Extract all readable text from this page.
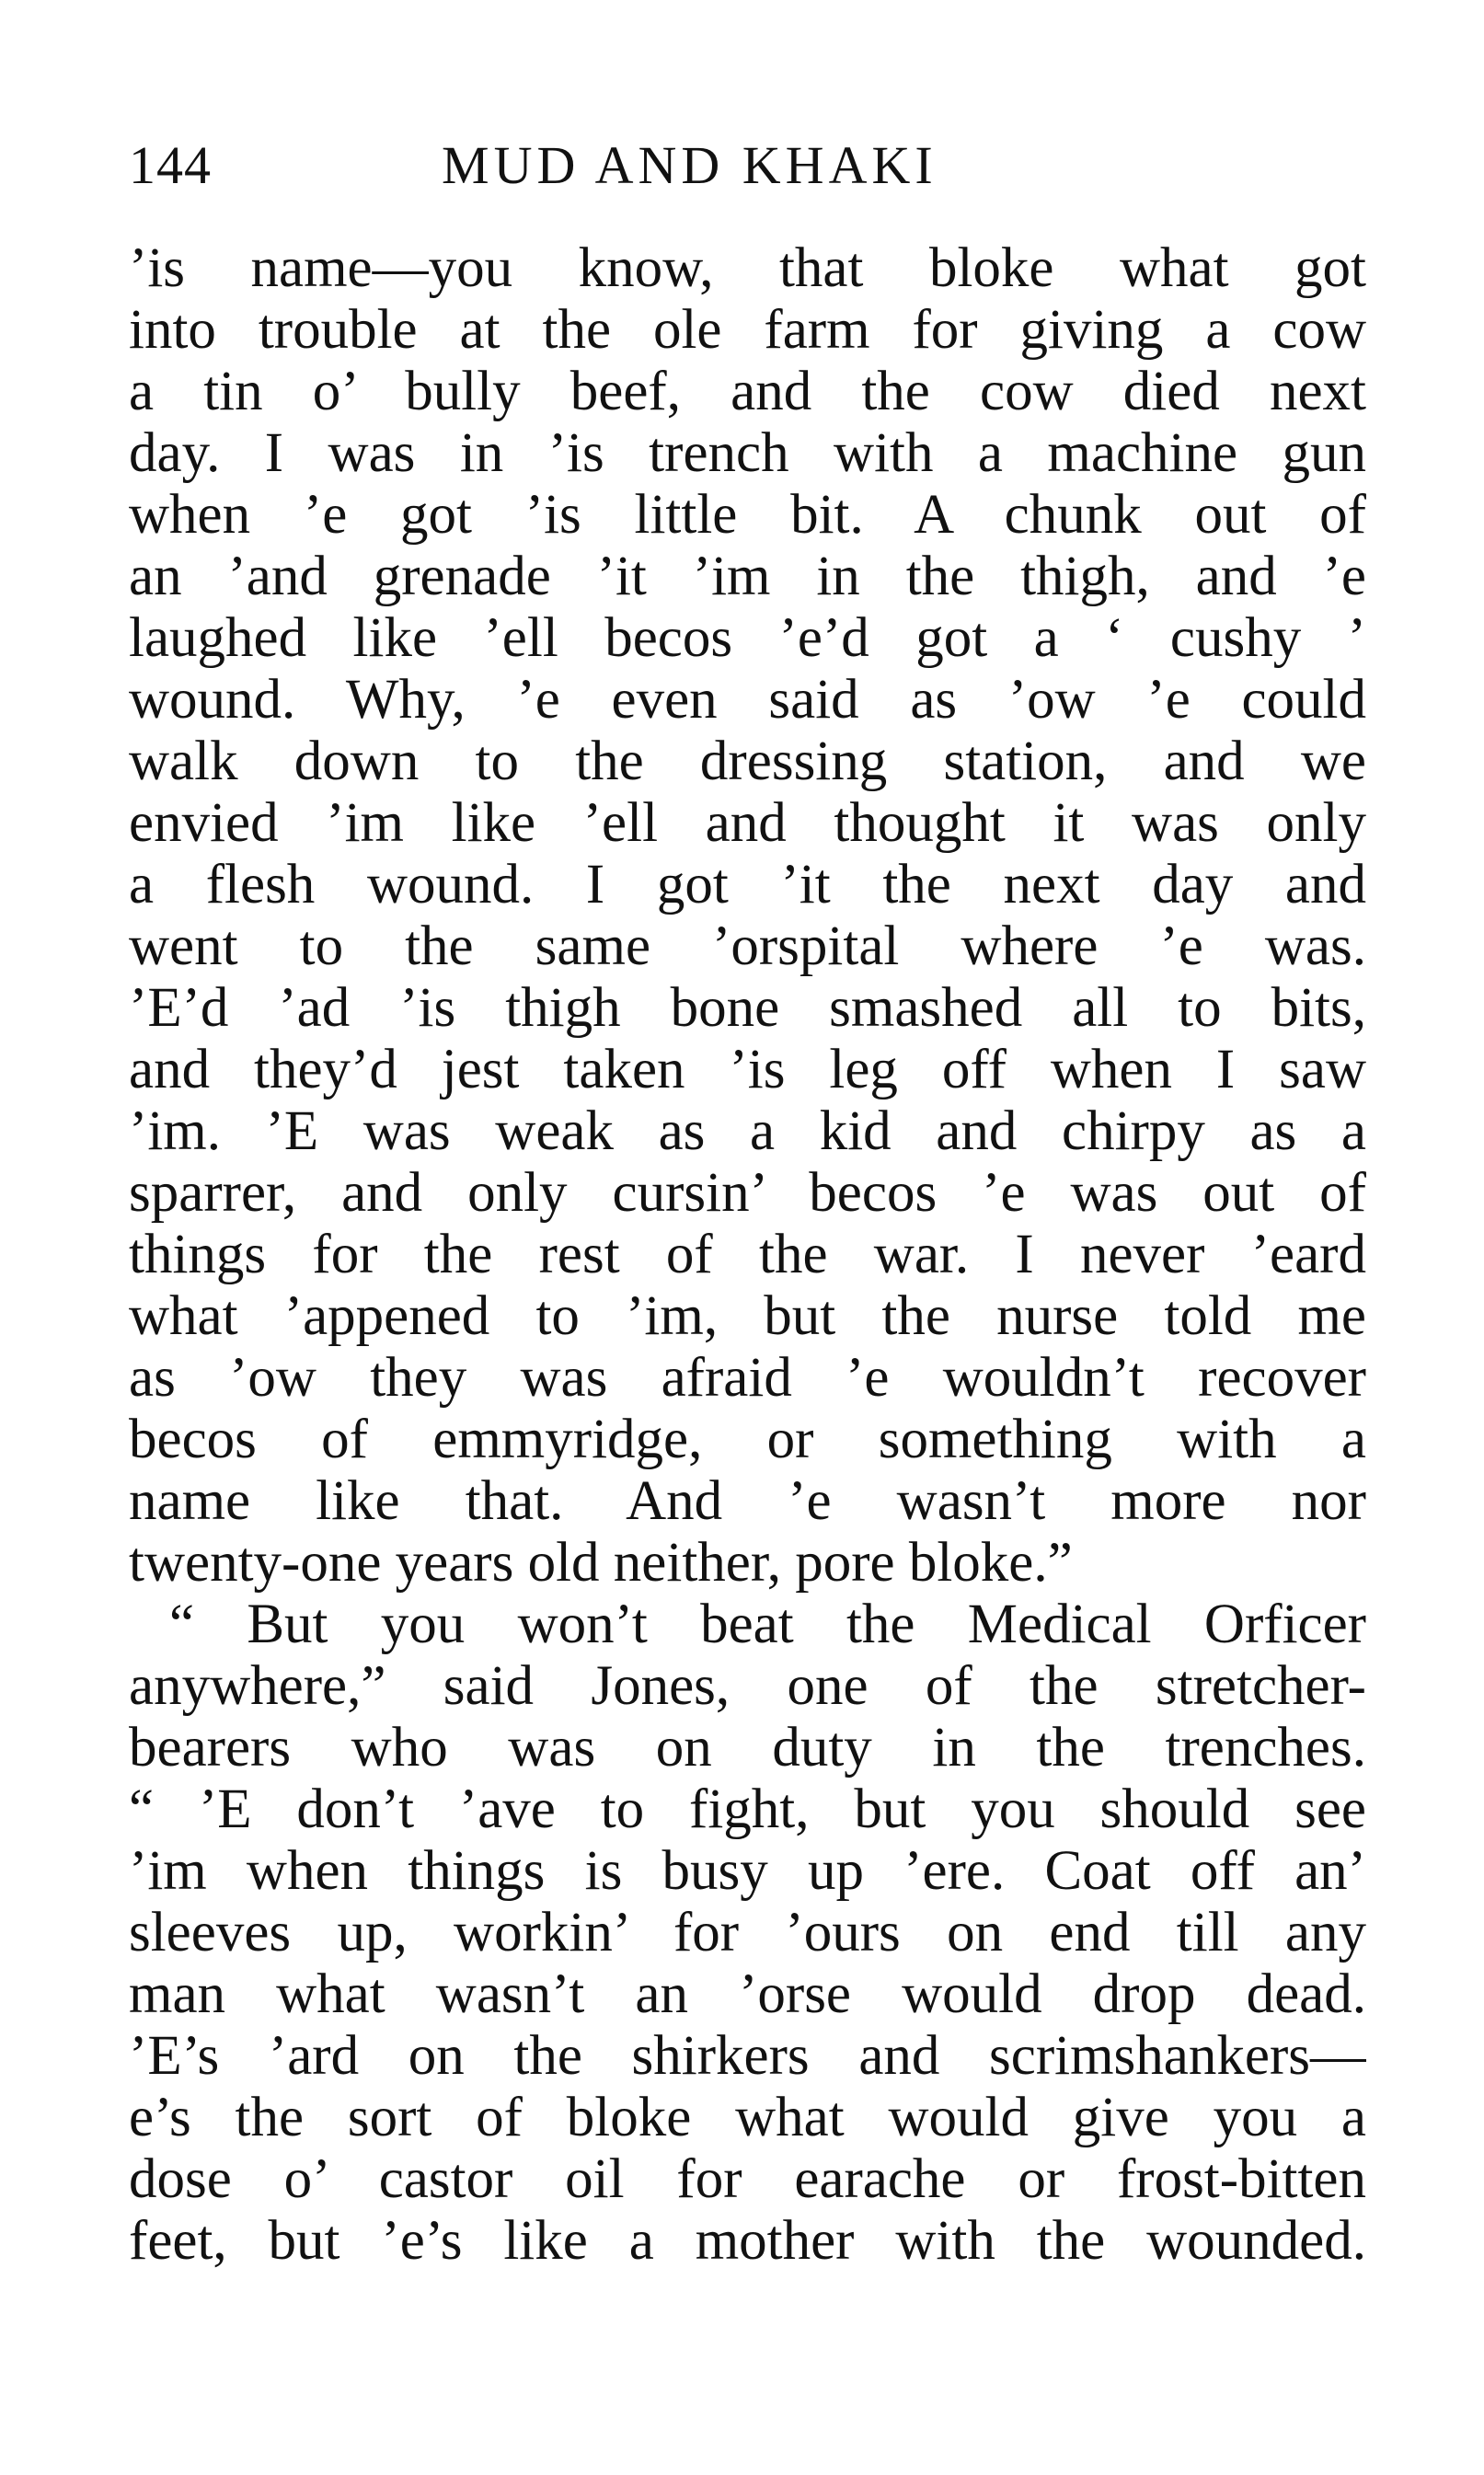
144	MUD AND KHAKI
’is name—you know, that bloke what got
into trouble at the ole farm for giving a cow
a tin o’ bully beef, and the cow died next
day. I was in ’is trench with a machine gun
when ’e got ’is little bit. A chunk out of
an ’and grenade ’it ’im in the thigh, and ’e
laughed like ’ell becos ’e’d got a ‘ cushy ’
wound. Why, ’e even said as ’ow ’e could
walk down to the dressing station, and we
envied ’im like ’ell and thought it was only
a flesh wound. I got ’it the next day and
went to the same ’orspital where ’e was.
’E’d ’ad ’is thigh bone smashed all to bits,
and they’d jest taken ’is leg off when I saw
’im. ’E was weak as a kid and chirpy as a
sparrer, and only cursin’ becos ’e was out of
things for the rest of the war. I never ’eard
what ’appened to ’im, but the nurse told me
as ’ow they was afraid ’e wouldn’t recover
becos of emmyridge, or something with a
name like that. And ’e wasn’t more nor
twenty-one years old neither, pore bloke.”
“ But you won’t beat the Medical Orficer
anywhere,” said Jones, one of the stretcher-
bearers who was on duty in the trenches.
“ ’E don’t ’ave to fight, but you should see
’im when things is busy up ’ere. Coat off an’
sleeves up, workin’ for ’ours on end till any
man what wasn’t an ’orse would drop dead.
’E’s ’ard on the shirkers and scrimshankers—
e’s the sort of bloke what would give you a
dose o’ castor oil for earache or frost-bitten
feet, but ’e’s like a mother with the wounded.
